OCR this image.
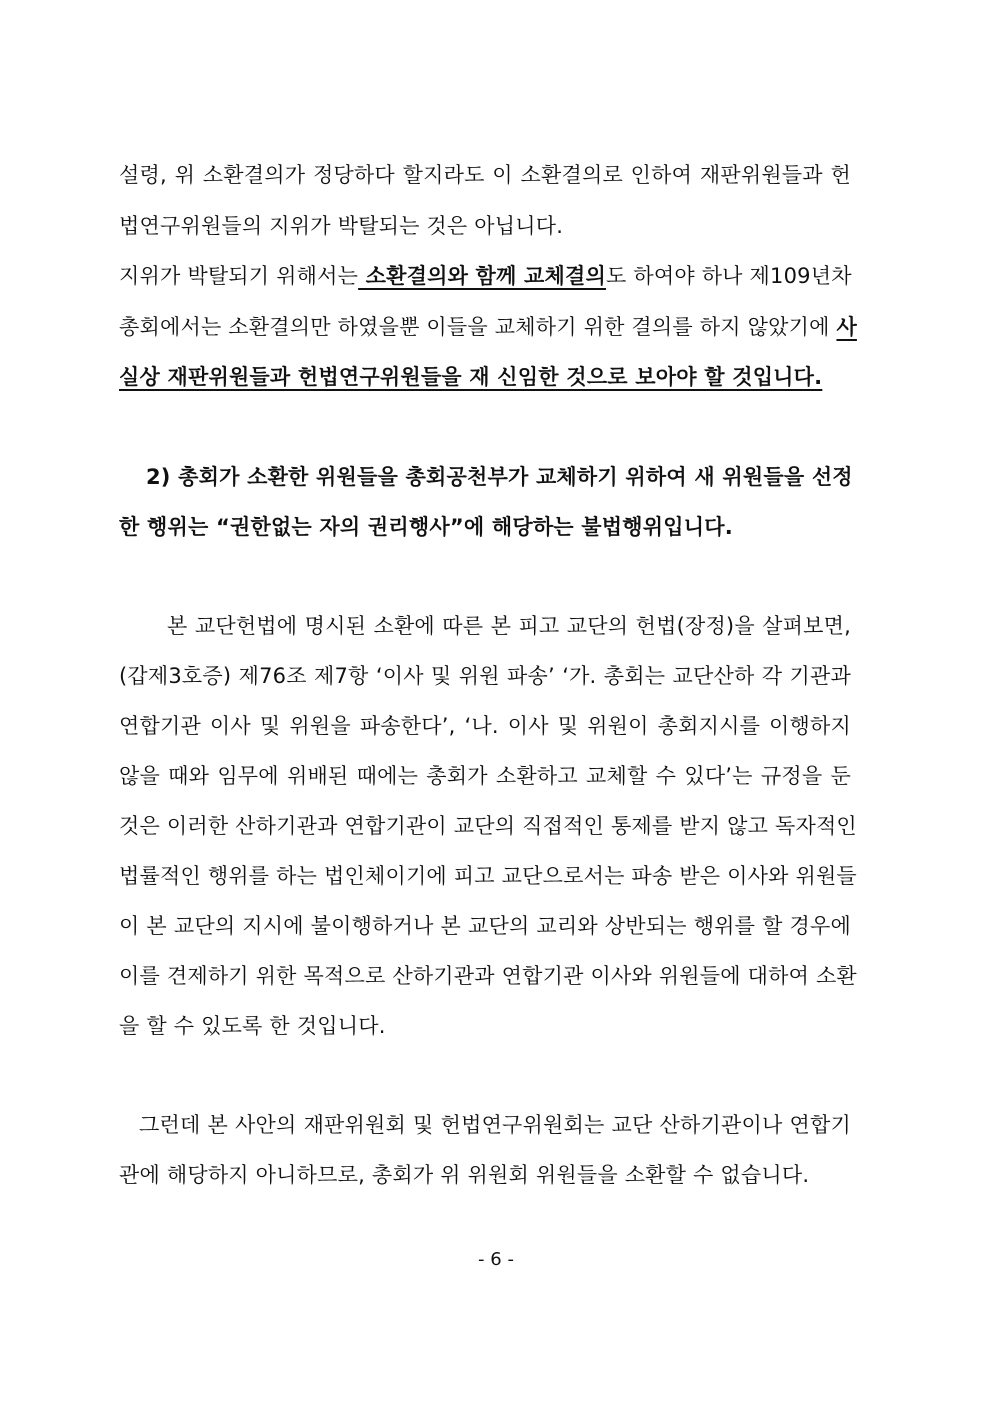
설령, 위 소환결의가 정당하다 할지라도 이 소환결의로 인하여 재판위원들과 헌
법연구위원들의 지위가 박탈되는 것은 아닙니다.
지위가 박탈되기 위해서는 소환결의와 함께 교체결의도 하여야 하나 제109년차
총회에서는 소환결의만 하였을뿐 이들을 교체하기 위한 결의를 하지 않았기에 사
실상 재판위원들과 헌법연구위원들을 재 신임한 것으로 보아야 할 것입니다.
2) 총회가 소환한 위원들을 총회공천부가 교체하기 위하여 새 위원들을 선정
한 행위는 “권한없는 자의 권리행사”에 해당하는 불법행위입니다.
본 교단헌법에 명시된 소환에 따른 본 피고 교단의 헌법(장정)을 살펴보면,
(갑제3호증) 제76조 제7항 ‘이사 및 위원 파송’ ‘가. 총회는 교단산하 각 기관과
연합기관 이사 및 위원을 파송한다’, ‘나. 이사 및 위원이 총회지시를 이행하지
않을 때와 임무에 위배된 때에는 총회가 소환하고 교체할 수 있다’는 규정을 둔
것은 이러한 산하기관과 연합기관이 교단의 직접적인 통제를 받지 않고 독자적인
법률적인 행위를 하는 법인체이기에 피고 교단으로서는 파송 받은 이사와 위원들
이 본 교단의 지시에 불이행하거나 본 교단의 교리와 상반되는 행위를 할 경우에
이를 견제하기 위한 목적으로 산하기관과 연합기관 이사와 위원들에 대하여 소환
을 할 수 있도록 한 것입니다.
그런데 본 사안의 재판위원회 및 헌법연구위원회는 교단 산하기관이나 연합기
관에 해당하지 아니하므로, 총회가 위 위원회 위원들을 소환할 수 없습니다.
- 6 -
